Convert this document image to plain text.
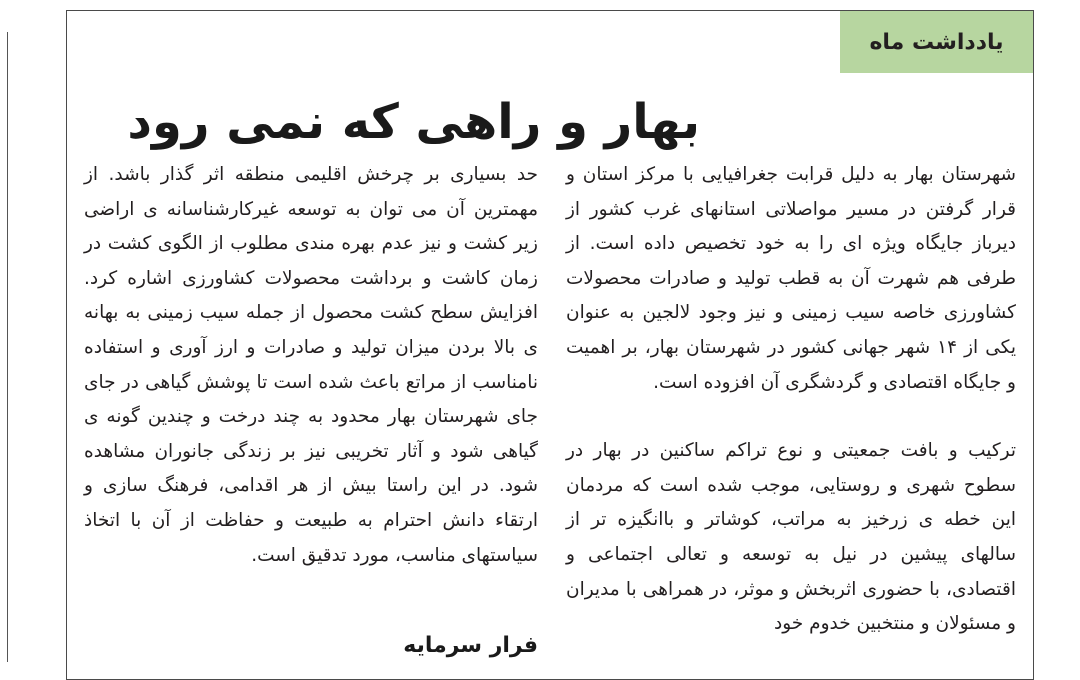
یادداشت ماه
بهار و راهی که نمی رود

شهرستان بهار به دلیل قرابت جغرافیایی با مرکز استان و قرار گرفتن در مسیر مواصلاتی استانهای غرب کشور از دیرباز جایگاه ویژه ای را به خود تخصیص داده است. از طرفی هم شهرت آن به قطب تولید و صادرات محصولات کشاورزی خاصه سیب زمینی و نیز وجود لالجین به عنوان یکی از ۱۴ شهر جهانی کشور در شهرستان بهار، بر اهمیت و جایگاه اقتصادی و گردشگری آن افزوده است.

ترکیب و بافت جمعیتی و نوع تراکم ساکنین در بهار در سطوح شهری و روستایی، موجب شده است که مردمان این خطه ی زرخیز به مراتب، کوشاتر و باانگیزه تر از سالهای پیشین در نیل به توسعه و تعالی اجتماعی و اقتصادی، با حضوری اثربخش و موثر، در همراهی با مدیران و مسئولان و منتخبین خدوم خود

حد بسیاری بر چرخش اقلیمی منطقه اثر گذار باشد. از مهمترین آن می توان به توسعه غیرکارشناسانه ی اراضی زیر کشت و نیز عدم بهره مندی مطلوب از الگوی کشت در زمان کاشت و برداشت محصولات کشاورزی اشاره کرد. افزایش سطح کشت محصول از جمله سیب زمینی به بهانه ی بالا بردن میزان تولید و صادرات و ارز آوری و استفاده نامناسب از مراتع باعث شده است تا پوشش گیاهی در جای جای شهرستان بهار محدود به چند درخت و چندین گونه ی گیاهی شود و آثار تخریبی نیز بر زندگی جانوران مشاهده شود. در این راستا بیش از هر اقدامی، فرهنگ سازی و ارتقاء دانش احترام به طبیعت و حفاظت از آن با اتخاذ سیاستهای مناسب، مورد تدقیق است.

فرار سرمایه
